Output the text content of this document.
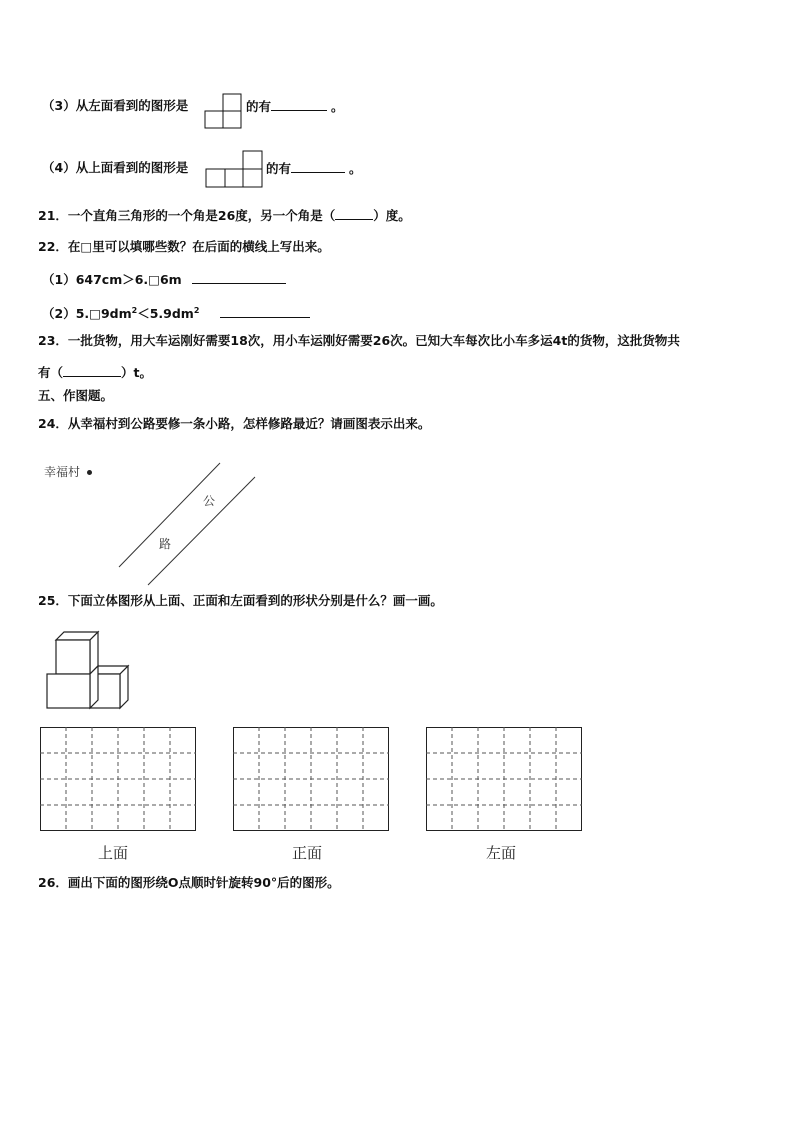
（3）从左面看到的图形是	的有	。
（4）从上面看到的图形是	的有	。
21．一个直角三角形的一个角是26度，另一个角是（	）度。
22．在□里可以填哪些数？在后面的横线上写出来。
（1）647cm＞6.□6m
$(2)5.□9dm^2<5.9dm^2$
23．一批货物，用大车运刚好需要18次，用小车运刚好需要26次。已知大车每次比小车多运4t的货物，这批货物共
有（	）t。
五、作图题。
24．从幸福村到公路要修一条小路，怎样修路最近？请画图表示出来。
幸福村
公
路
25．下面立体图形从上面、正面和左面看到的形状分别是什么？画一画。
上面	正面	左面
26．画出下面的图形绕O点顺时针旋转90°后的图形。
